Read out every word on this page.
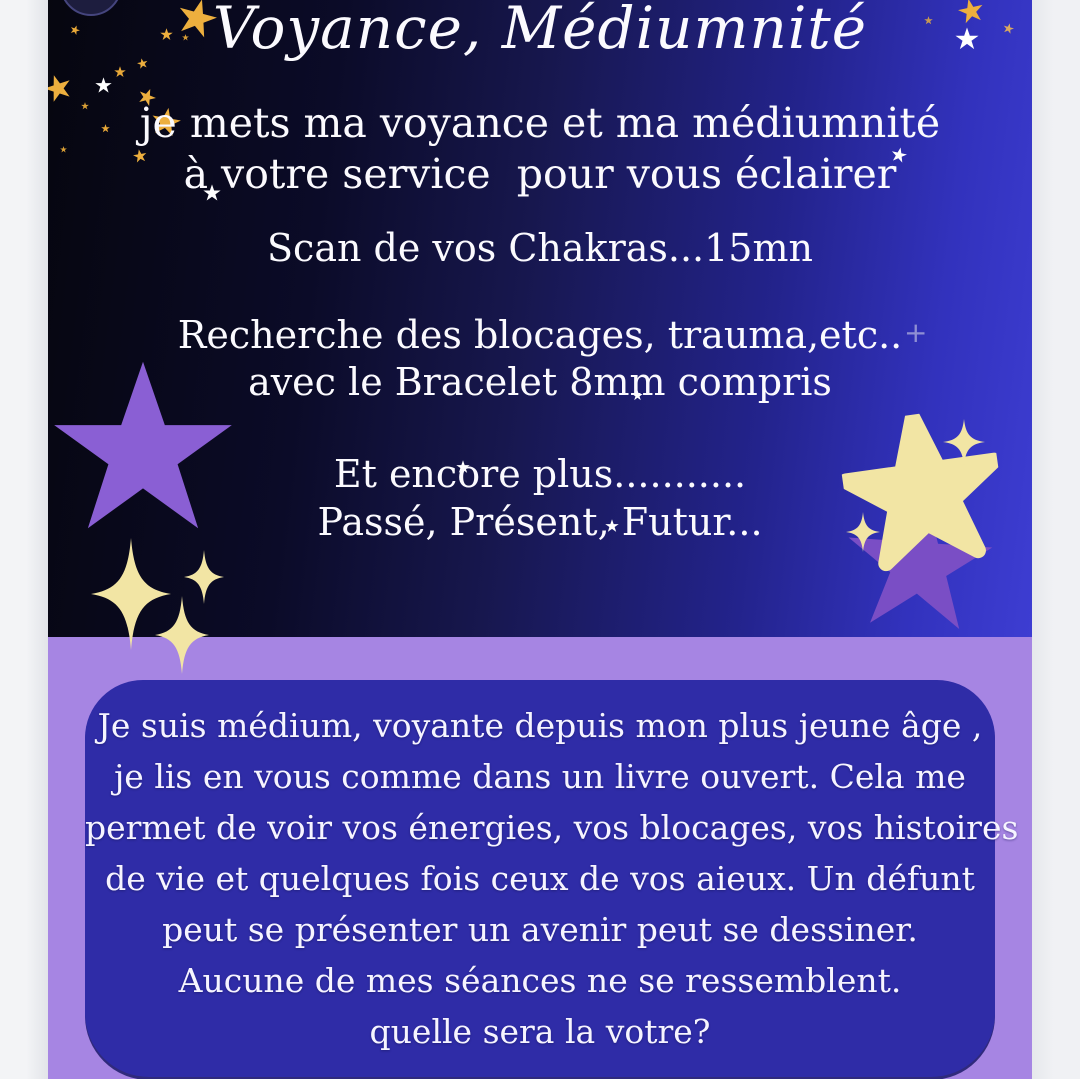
Voyance, Médiumnité
je mets ma voyance et ma médiumnité
à votre service  pour vous éclairer
Scan de vos Chakras...15mn
Recherche des blocages, trauma,etc.. +
avec le Bracelet 8mm compris
Et encore plus...........
Passé, Présent, Futur...
Je suis médium, voyante depuis mon plus jeune âge ,
je lis en vous comme dans un livre ouvert. Cela me
permet de voir vos énergies, vos blocages, vos histoires
de vie et quelques fois ceux de vos aieux. Un défunt
peut se présenter un avenir peut se dessiner.
Aucune de mes séances ne se ressemblent.
quelle sera la votre?
